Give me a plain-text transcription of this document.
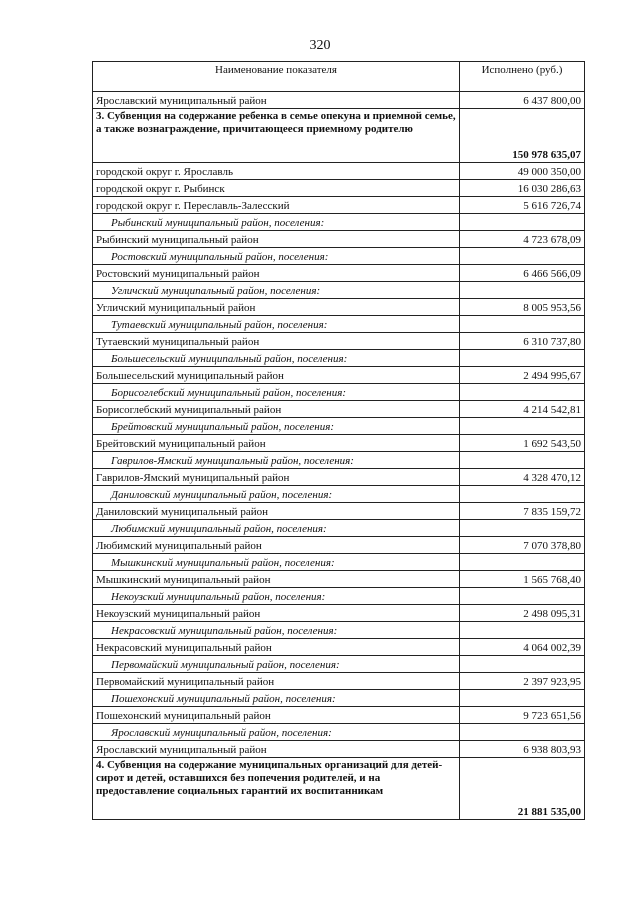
320
Наименование показателя	Исполнено (руб.)
Ярославский муниципальный район	6 437 800,00
3. Субвенция на содержание ребенка в семье опекуна и приемной семье, а также вознаграждение, причитающееся приемному родителю	150 978 635,07
городской округ г. Ярославль	49 000 350,00
городской округ г. Рыбинск	16 030 286,63
городской округ г. Переславль-Залесский	5 616 726,74
Рыбинский муниципальный район, поселения:	
Рыбинский муниципальный район	4 723 678,09
Ростовский муниципальный район, поселения:	
Ростовский муниципальный район	6 466 566,09
Угличский муниципальный район, поселения:	
Угличский муниципальный район	8 005 953,56
Тутаевский муниципальный район, поселения:	
Тутаевский муниципальный район	6 310 737,80
Большесельский муниципальный район, поселения:	
Большесельский муниципальный район	2 494 995,67
Борисоглебский муниципальный район, поселения:	
Борисоглебский муниципальный район	4 214 542,81
Брейтовский муниципальный район, поселения:	
Брейтовский муниципальный район	1 692 543,50
Гаврилов-Ямский муниципальный район, поселения:	
Гаврилов-Ямский муниципальный район	4 328 470,12
Даниловский муниципальный район, поселения:	
Даниловский муниципальный район	7 835 159,72
Любимский муниципальный район, поселения:	
Любимский муниципальный район	7 070 378,80
Мышкинский муниципальный район, поселения:	
Мышкинский муниципальный район	1 565 768,40
Некоузский муниципальный район, поселения:	
Некоузский муниципальный район	2 498 095,31
Некрасовский муниципальный район, поселения:	
Некрасовский муниципальный район	4 064 002,39
Первомайский муниципальный район, поселения:	
Первомайский муниципальный район	2 397 923,95
Пошехонский муниципальный район, поселения:	
Пошехонский муниципальный район	9 723 651,56
Ярославский муниципальный район, поселения:	
Ярославский муниципальный район	6 938 803,93
4. Субвенция на содержание муниципальных организаций для детей-сирот и детей, оставшихся без попечения родителей, и на предоставление социальных гарантий их воспитанникам	21 881 535,00
